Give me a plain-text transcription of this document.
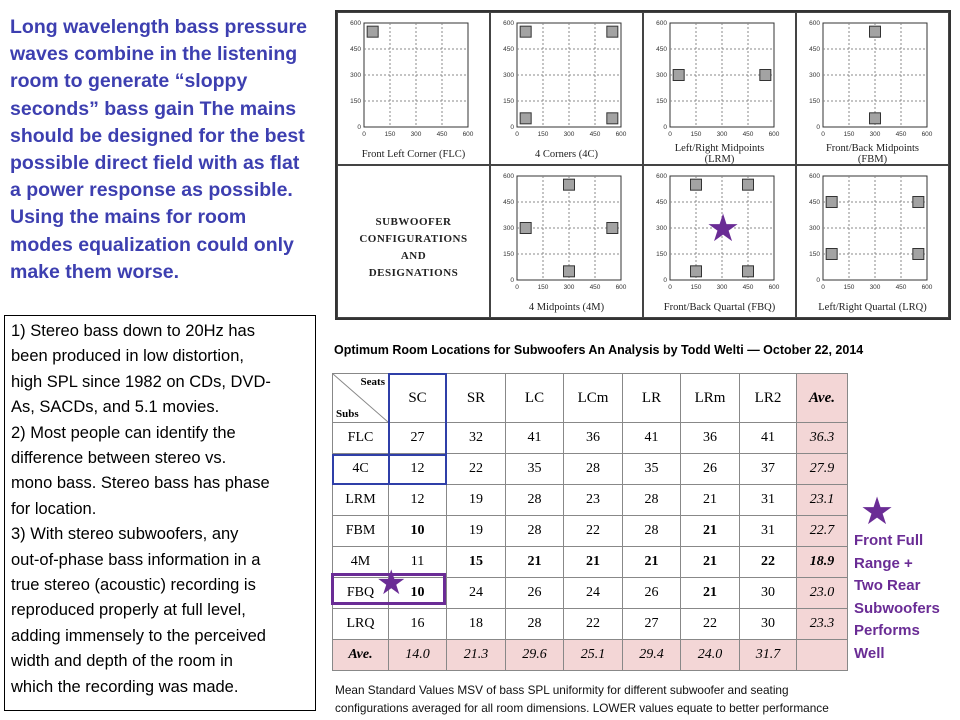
Long wavelength bass pressure
waves combine in the listening
room to generate “sloppy
seconds” bass gain The mains
should be designed for the best
possible direct field with as flat
a power response as possible.
Using the mains for room
modes equalization could only
make them worse.
1) Stereo bass down to 20Hz has
been produced in low distortion,
high SPL since 1982 on CDs, DVD-
As, SACDs, and 5.1 movies.
2) Most people can identify the
difference between stereo vs.
mono bass. Stereo bass has phase
for location.
3) With stereo subwoofers, any
out-of-phase bass information in a
true stereo (acoustic) recording is
reproduced properly at full level,
adding immensely to the perceived
width and depth of the room in
which the recording was made.
SUBWOOFER
CONFIGURATIONS
AND
DESIGNATIONS
600
450
300
150
0
0	150 300 450 600
Front Left Corner (FLC)
600
450
300
150
0
0	150 300 450 600
4 Corners (4C)
600
450
300
150
0
0	150 300 450 600
Left/Right Midpoints
(LRM)
600
450
300
150
0
0	150 300 450 600
Front/Back Midpoints
(FBM)
600
450
300
150
0
0	150 300 450 600
4 Midpoints (4M)
600
450
300
150
0
0	150 300 450 600
Front/Back Quartal (FBQ)
600
450
300
150
0
0	150 300 450 600
Left/Right Quartal (LRQ)
★
Optimum Room Locations for Subwoofers An Analysis by Todd Welti — October 22, 2014
Seats
Subs	SC	SR	LC	LCm	LR	LRm	LR2	Ave.
FLC	27	32	41	36	41	36	41	36.3
4C	12	22	35	28	35	26	37	27.9
LRM	12	19	28	23	28	21	31	23.1
FBM	10	19	28	22	28	21	31	22.7
4M	11	15	21	21	21	21	22	18.9
FBQ	10	24	26	24	26	21	30	23.0
LRQ	16	18	28	22	27	22	30	23.3
Ave.	14.0	21.3	29.6	25.1	29.4	24.0	31.7	
★
Mean Standard Values MSV of bass SPL uniformity for different subwoofer and seating
configurations averaged for all room dimensions. LOWER values equate to better performance
★
Front Full
Range +
Two Rear
Subwoofers
Performs
Well
